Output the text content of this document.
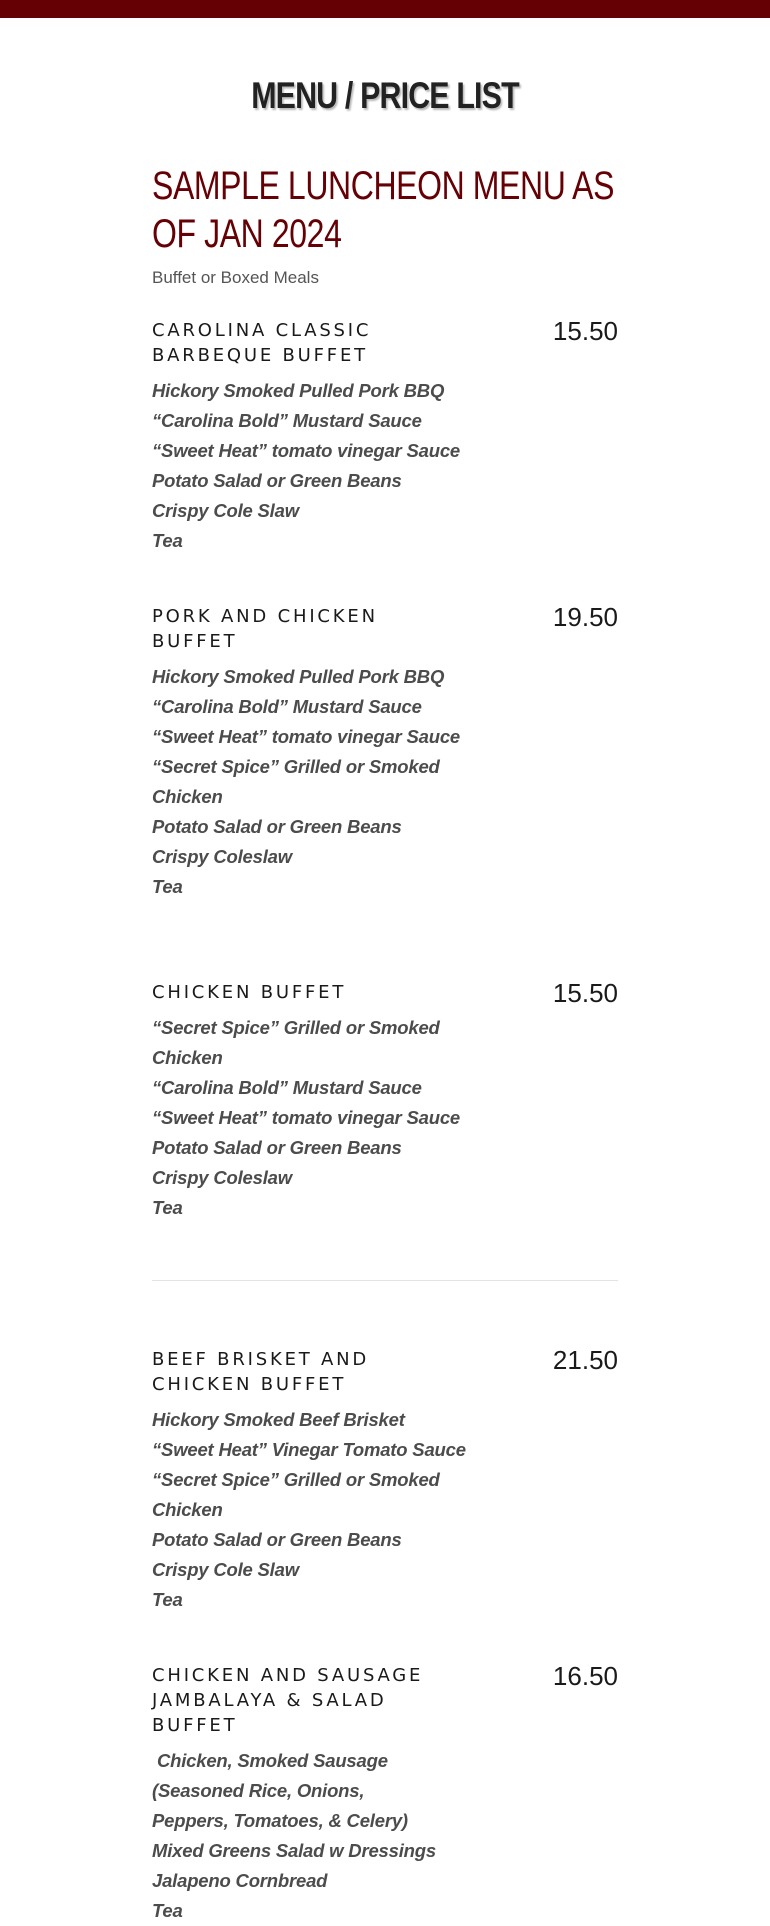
MENU / PRICE LIST
SAMPLE LUNCHEON MENU AS OF JAN 2024
Buffet or Boxed Meals
CAROLINA CLASSIC BARBEQUE BUFFET
15.50
Hickory Smoked Pulled Pork BBQ
“Carolina Bold” Mustard Sauce
“Sweet Heat” tomato vinegar Sauce
Potato Salad or Green Beans
Crispy Cole Slaw
Tea
PORK AND CHICKEN BUFFET
19.50
Hickory Smoked Pulled Pork BBQ
“Carolina Bold” Mustard Sauce
“Sweet Heat” tomato vinegar Sauce
“Secret Spice” Grilled or Smoked
Chicken
Potato Salad or Green Beans
Crispy Coleslaw
Tea
CHICKEN BUFFET	15.50
“Secret Spice” Grilled or Smoked
Chicken
“Carolina Bold” Mustard Sauce
“Sweet Heat” tomato vinegar Sauce
Potato Salad or Green Beans
Crispy Coleslaw
Tea
BEEF BRISKET AND CHICKEN BUFFET
21.50
Hickory Smoked Beef Brisket
“Sweet Heat” Vinegar Tomato Sauce
“Secret Spice” Grilled or Smoked
Chicken
Potato Salad or Green Beans
Crispy Cole Slaw
Tea
CHICKEN AND SAUSAGE JAMBALAYA & SALAD BUFFET
16.50
Chicken, Smoked Sausage
(Seasoned Rice, Onions,
Peppers, Tomatoes, & Celery)
Mixed Greens Salad w Dressings
Jalapeno Cornbread
Tea
